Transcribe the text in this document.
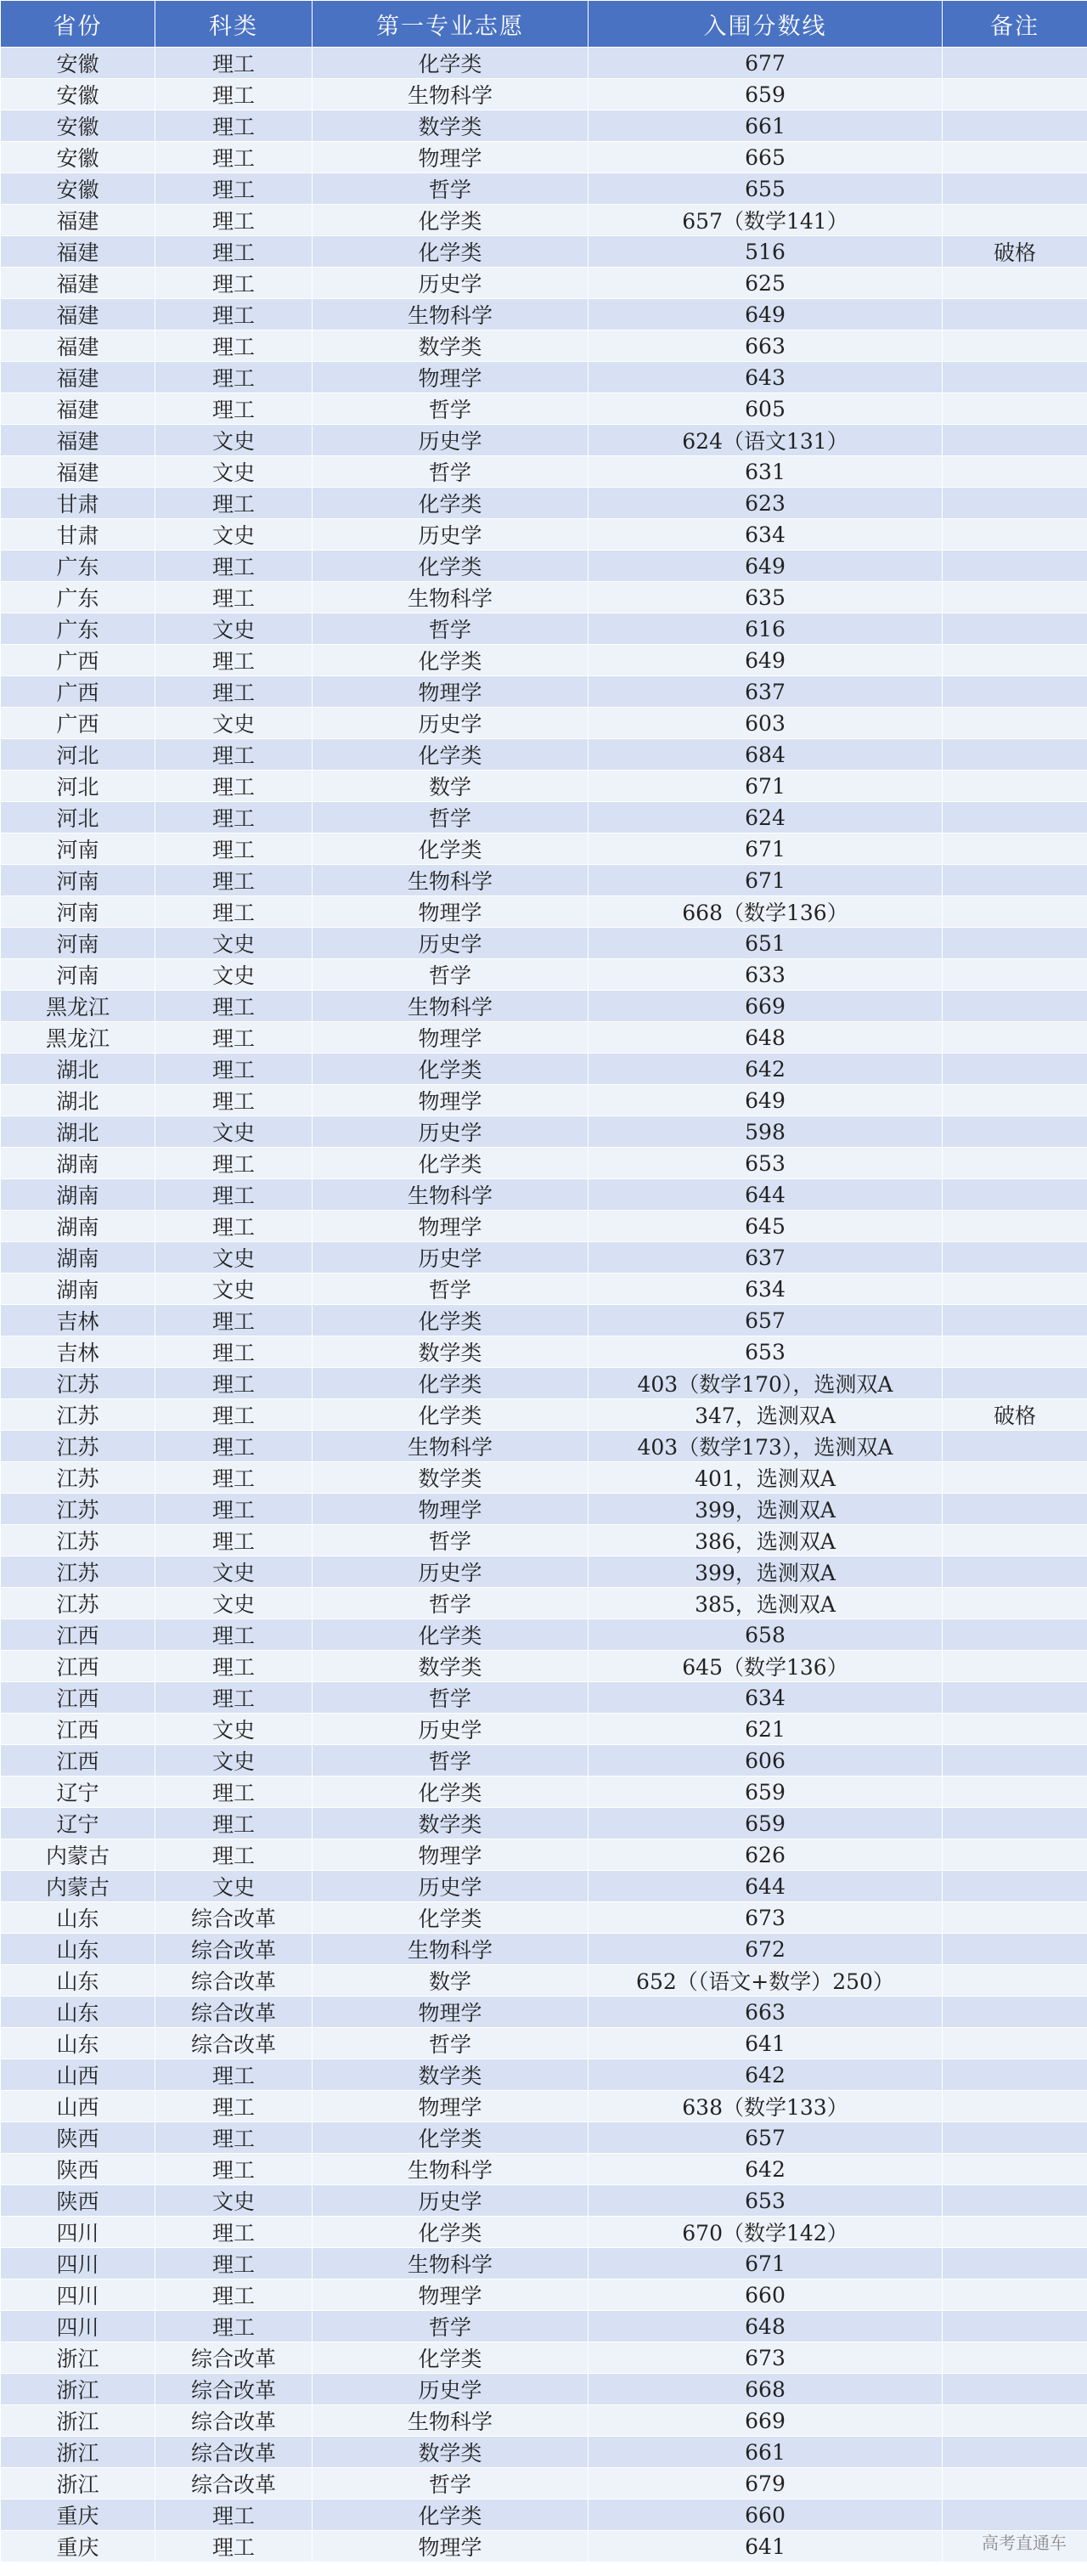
省份	科类	第一专业志愿	入围分数线	备注
安徽	理工	化学类	677	
安徽	理工	生物科学	659	
安徽	理工	数学类	661	
安徽	理工	物理学	665	
安徽	理工	哲学	655	
福建	理工	化学类	657（数学141）	
福建	理工	化学类	516	破格
福建	理工	历史学	625	
福建	理工	生物科学	649	
福建	理工	数学类	663	
福建	理工	物理学	643	
福建	理工	哲学	605	
福建	文史	历史学	624（语文131）	
福建	文史	哲学	631	
甘肃	理工	化学类	623	
甘肃	文史	历史学	634	
广东	理工	化学类	649	
广东	理工	生物科学	635	
广东	文史	哲学	616	
广西	理工	化学类	649	
广西	理工	物理学	637	
广西	文史	历史学	603	
河北	理工	化学类	684	
河北	理工	数学	671	
河北	理工	哲学	624	
河南	理工	化学类	671	
河南	理工	生物科学	671	
河南	理工	物理学	668（数学136）	
河南	文史	历史学	651	
河南	文史	哲学	633	
黑龙江	理工	生物科学	669	
黑龙江	理工	物理学	648	
湖北	理工	化学类	642	
湖北	理工	物理学	649	
湖北	文史	历史学	598	
湖南	理工	化学类	653	
湖南	理工	生物科学	644	
湖南	理工	物理学	645	
湖南	文史	历史学	637	
湖南	文史	哲学	634	
吉林	理工	化学类	657	
吉林	理工	数学类	653	
江苏	理工	化学类	403（数学170），选测双A	
江苏	理工	化学类	347，选测双A	破格
江苏	理工	生物科学	403（数学173），选测双A	
江苏	理工	数学类	401，选测双A	
江苏	理工	物理学	399，选测双A	
江苏	理工	哲学	386，选测双A	
江苏	文史	历史学	399，选测双A	
江苏	文史	哲学	385，选测双A	
江西	理工	化学类	658	
江西	理工	数学类	645（数学136）	
江西	理工	哲学	634	
江西	文史	历史学	621	
江西	文史	哲学	606	
辽宁	理工	化学类	659	
辽宁	理工	数学类	659	
内蒙古	理工	物理学	626	
内蒙古	文史	历史学	644	
山东	综合改革	化学类	673	
山东	综合改革	生物科学	672	
山东	综合改革	数学	652（（语文+数学）250）	
山东	综合改革	物理学	663	
山东	综合改革	哲学	641	
山西	理工	数学类	642	
山西	理工	物理学	638（数学133）	
陕西	理工	化学类	657	
陕西	理工	生物科学	642	
陕西	文史	历史学	653	
四川	理工	化学类	670（数学142）	
四川	理工	生物科学	671	
四川	理工	物理学	660	
四川	理工	哲学	648	
浙江	综合改革	化学类	673	
浙江	综合改革	历史学	668	
浙江	综合改革	生物科学	669	
浙江	综合改革	数学类	661	
浙江	综合改革	哲学	679	
重庆	理工	化学类	660	
重庆	理工	物理学	641		高考直通车
